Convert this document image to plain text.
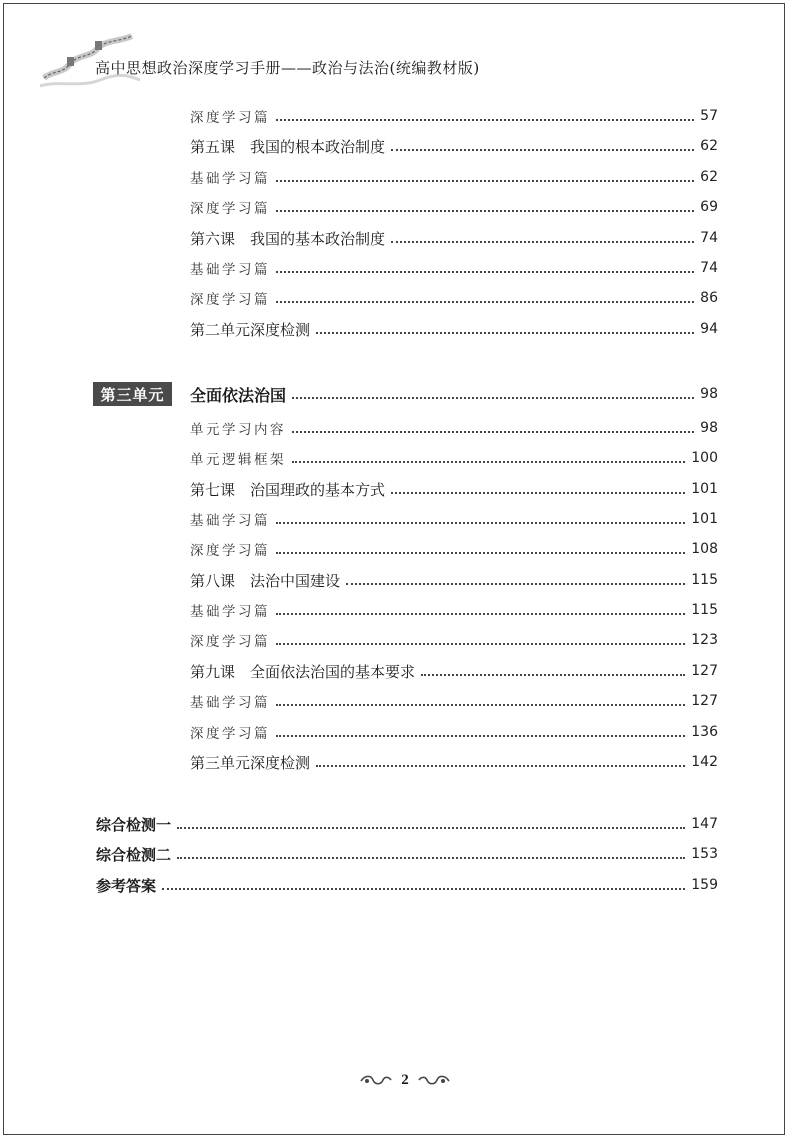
高中思想政治深度学习手册——政治与法治(统编教材版)
深度学习篇	57
第五课　我国的根本政治制度	62
基础学习篇	62
深度学习篇	69
第六课　我国的基本政治制度	74
基础学习篇	74
深度学习篇	86
第二单元深度检测	94
第三单元	全面依法治国	98
单元学习内容	98
单元逻辑框架	100
第七课　治国理政的基本方式	101
基础学习篇	101
深度学习篇	108
第八课　法治中国建设	115
基础学习篇	115
深度学习篇	123
第九课　全面依法治国的基本要求	127
基础学习篇	127
深度学习篇	136
第三单元深度检测	142
综合检测一	147
综合检测二	153
参考答案	159
2
